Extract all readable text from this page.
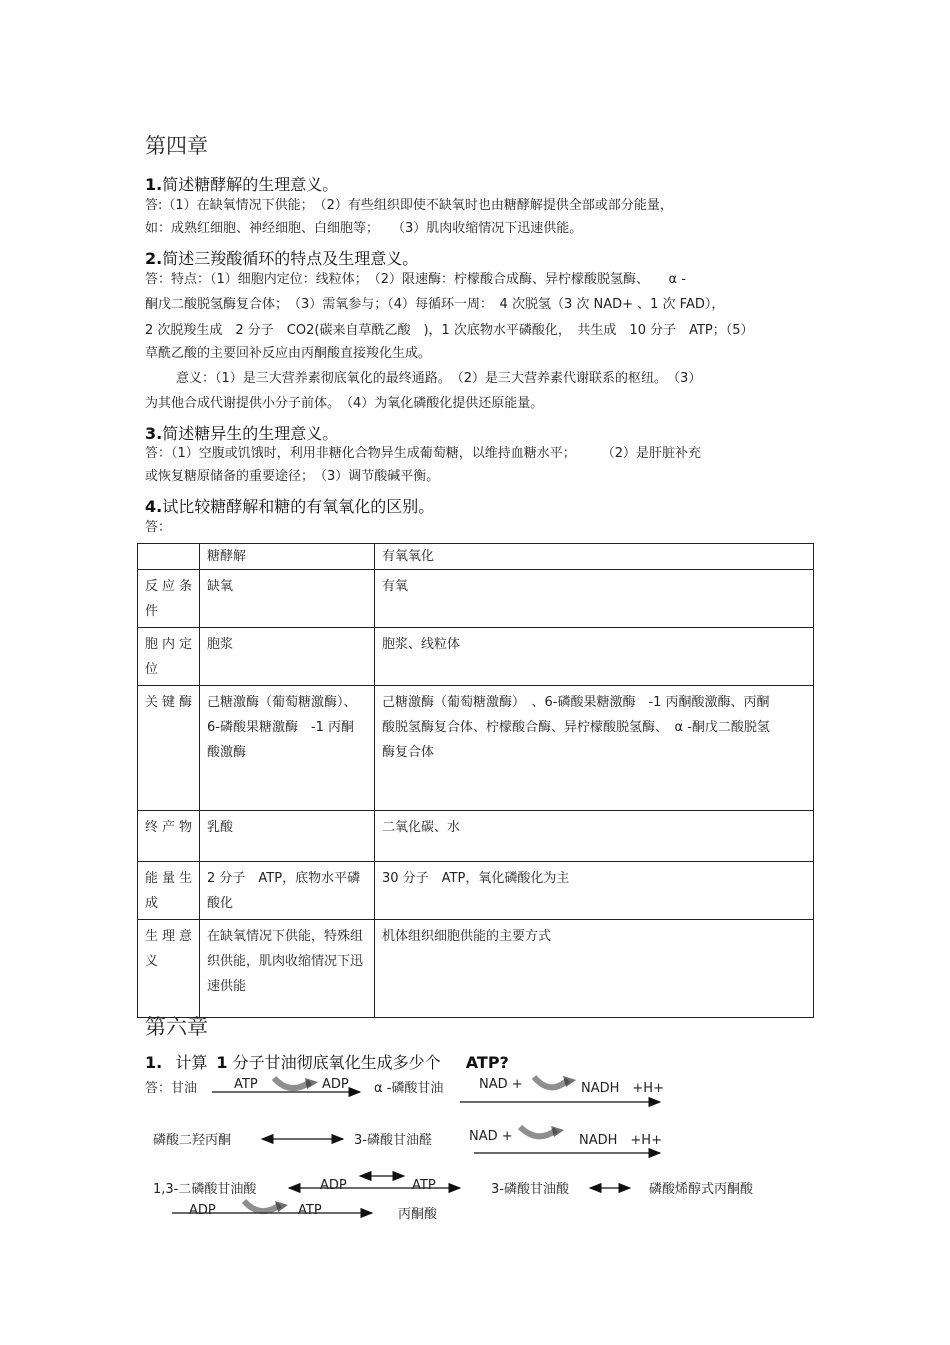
第四章
1.简述糖酵解的生理意义。
答:（1）在缺氧情况下供能；　（2）有些组织即使不缺氧时也由糖酵解提供全部或部分能量，
如：成熟红细胞、神经细胞、白细胞等；　　（3）肌肉收缩情况下迅速供能。
2.简述三羧酸循环的特点及生理意义。
答：特点：（1）细胞内定位：线粒体；　（2）限速酶：柠檬酸合成酶、异柠檬酸脱氢酶、　　α -
酮戊二酸脱氢酶复合体；　（3）需氧参与；（4）每循环一周：　4 次脱氢（3 次 NAD+ 、1 次 FAD），
2 次脱羧生成　2 分子　CO2(碳来自草酰乙酸　)，1 次底物水平磷酸化，　共生成　10 分子　ATP；（5）
草酰乙酸的主要回补反应由丙酮酸直接羧化生成。
意义：（1）是三大营养素彻底氧化的最终通路。　（2）是三大营养素代谢联系的枢纽。　（3）
为其他合成代谢提供小分子前体。　（4）为氧化磷酸化提供还原能量。
3.简述糖异生的生理意义。
答：（1）空腹或饥饿时，利用非糖化合物异生成葡萄糖，以维持血糖水平；　　　（2）是肝脏补充
或恢复糖原储备的重要途径；　（3）调节酸碱平衡。
4.试比较糖酵解和糖的有氧氧化的区别。
答：
	糖酵解	有氧氧化
反应条件	缺氧	有氧
胞内定位	胞浆	胞浆、线粒体
关键酶	己糖激酶（葡萄糖激酶）、6-磷酸果糖激酶　-1 丙酮酸激酶	己糖激酶（葡萄糖激酶）　、6-磷酸果糖激酶　-1 丙酮酸激酶、丙酮酸脱氢酶复合体、柠檬酸合酶、异柠檬酸脱氢酶、　α -酮戊二酸脱氢酶复合体
终产物	乳酸	二氧化碳、水
能量生成	2 分子　ATP，底物水平磷酸化	30 分子　ATP，氧化磷酸化为主
生理意义	在缺氧情况下供能，特殊组织供能，肌肉收缩情况下迅速供能	机体组织细胞供能的主要方式
第六章
1. 计算 1 分子甘油彻底氧化生成多少个 ATP?
答：甘油	ATP	ADP α -磷酸甘油	NAD +	NADH　+H+
磷酸二羟丙酮	3-磷酸甘油醛	NAD +	NADH　+H+
1,3-二磷酸甘油酸	ADP	ATP	3-磷酸甘油酸	磷酸烯醇式丙酮酸
ADP	ATP	丙酮酸
